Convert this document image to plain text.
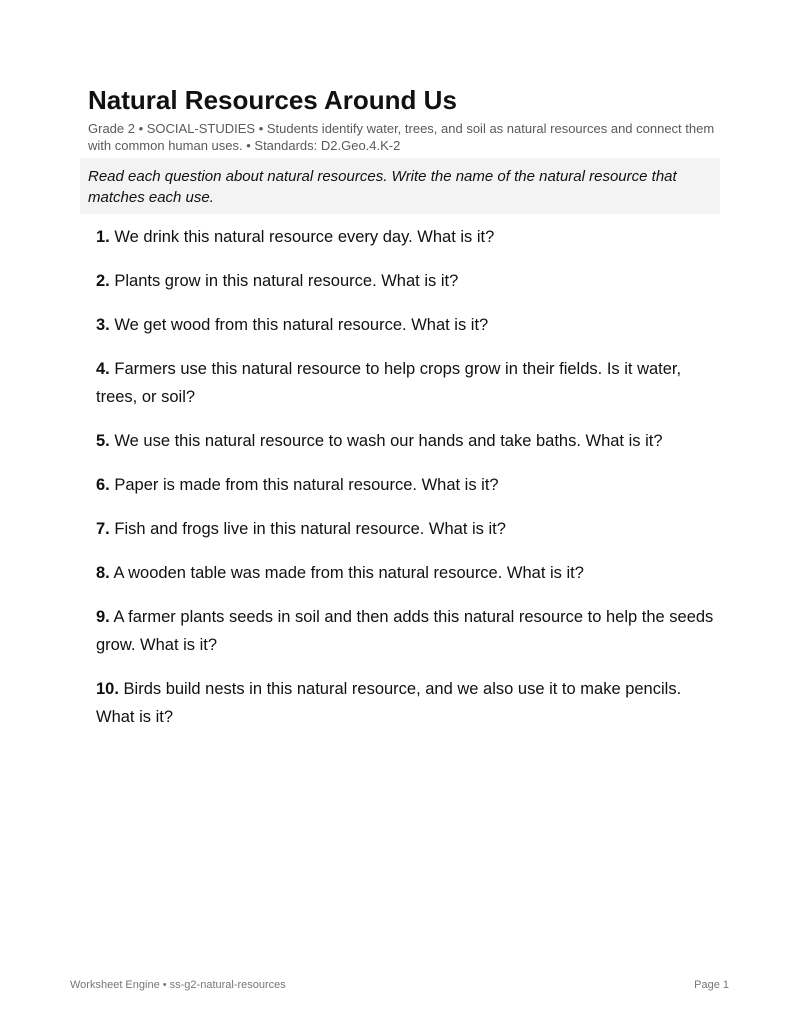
Natural Resources Around Us
Grade 2 • SOCIAL-STUDIES • Students identify water, trees, and soil as natural resources and connect them with common human uses. • Standards: D2.Geo.4.K-2
Read each question about natural resources. Write the name of the natural resource that matches each use.
1. We drink this natural resource every day. What is it?
2. Plants grow in this natural resource. What is it?
3. We get wood from this natural resource. What is it?
4. Farmers use this natural resource to help crops grow in their fields. Is it water, trees, or soil?
5. We use this natural resource to wash our hands and take baths. What is it?
6. Paper is made from this natural resource. What is it?
7. Fish and frogs live in this natural resource. What is it?
8. A wooden table was made from this natural resource. What is it?
9. A farmer plants seeds in soil and then adds this natural resource to help the seeds grow. What is it?
10. Birds build nests in this natural resource, and we also use it to make pencils. What is it?
Worksheet Engine • ss-g2-natural-resources	Page 1
